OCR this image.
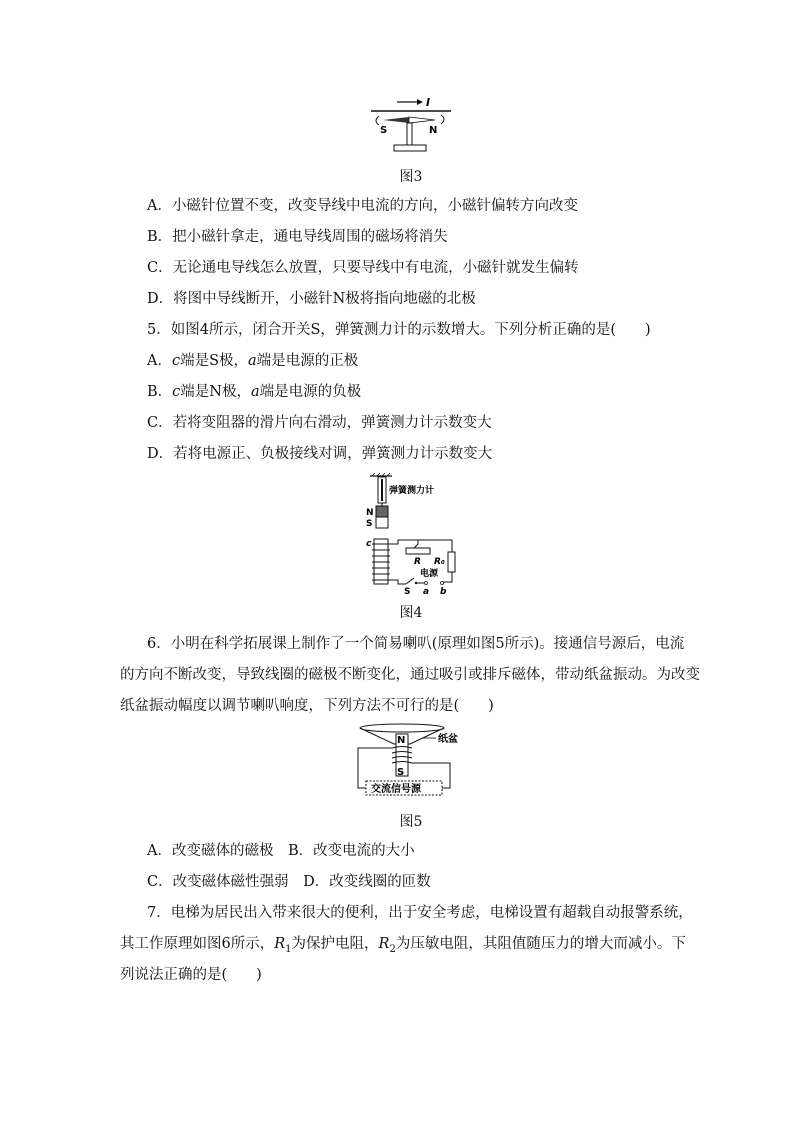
I
S	N
图3
A．小磁针位置不变，改变导线中电流的方向，小磁针偏转方向改变
B．把小磁针拿走，通电导线周围的磁场将消失
C．无论通电导线怎么放置，只要导线中有电流，小磁针就发生偏转
D．将图中导线断开，小磁针N极将指向地磁的北极
5．如图4所示，闭合开关S，弹簧测力计的示数增大。下列分析正确的是(　　)
A．c端是S极，a端是电源的正极
B．c端是N极，a端是电源的负极
C．若将变阻器的滑片向右滑动，弹簧测力计示数变大
D．若将电源正、负极接线对调，弹簧测力计示数变大
弹簧测力计
N
S
c
R R₀
电源
S a b
图4
6．小明在科学拓展课上制作了一个简易喇叭(原理如图5所示)。接通信号源后，电流
的方向不断改变，导致线圈的磁极不断变化，通过吸引或排斥磁体，带动纸盆振动。为改变
纸盆振动幅度以调节喇叭响度，下列方法不可行的是(　　)
纸盆
N
S
交流信号源
图5
A．改变磁体的磁极　B．改变电流的大小
C．改变磁体磁性强弱　D．改变线圈的匝数
7．电梯为居民出入带来很大的便利，出于安全考虑，电梯设置有超载自动报警系统，
其工作原理如图6所示，$R_1$为保护电阻，$R_2$为压敏电阻，其阻值随压力的增大而减小。下
列说法正确的是(　　)
